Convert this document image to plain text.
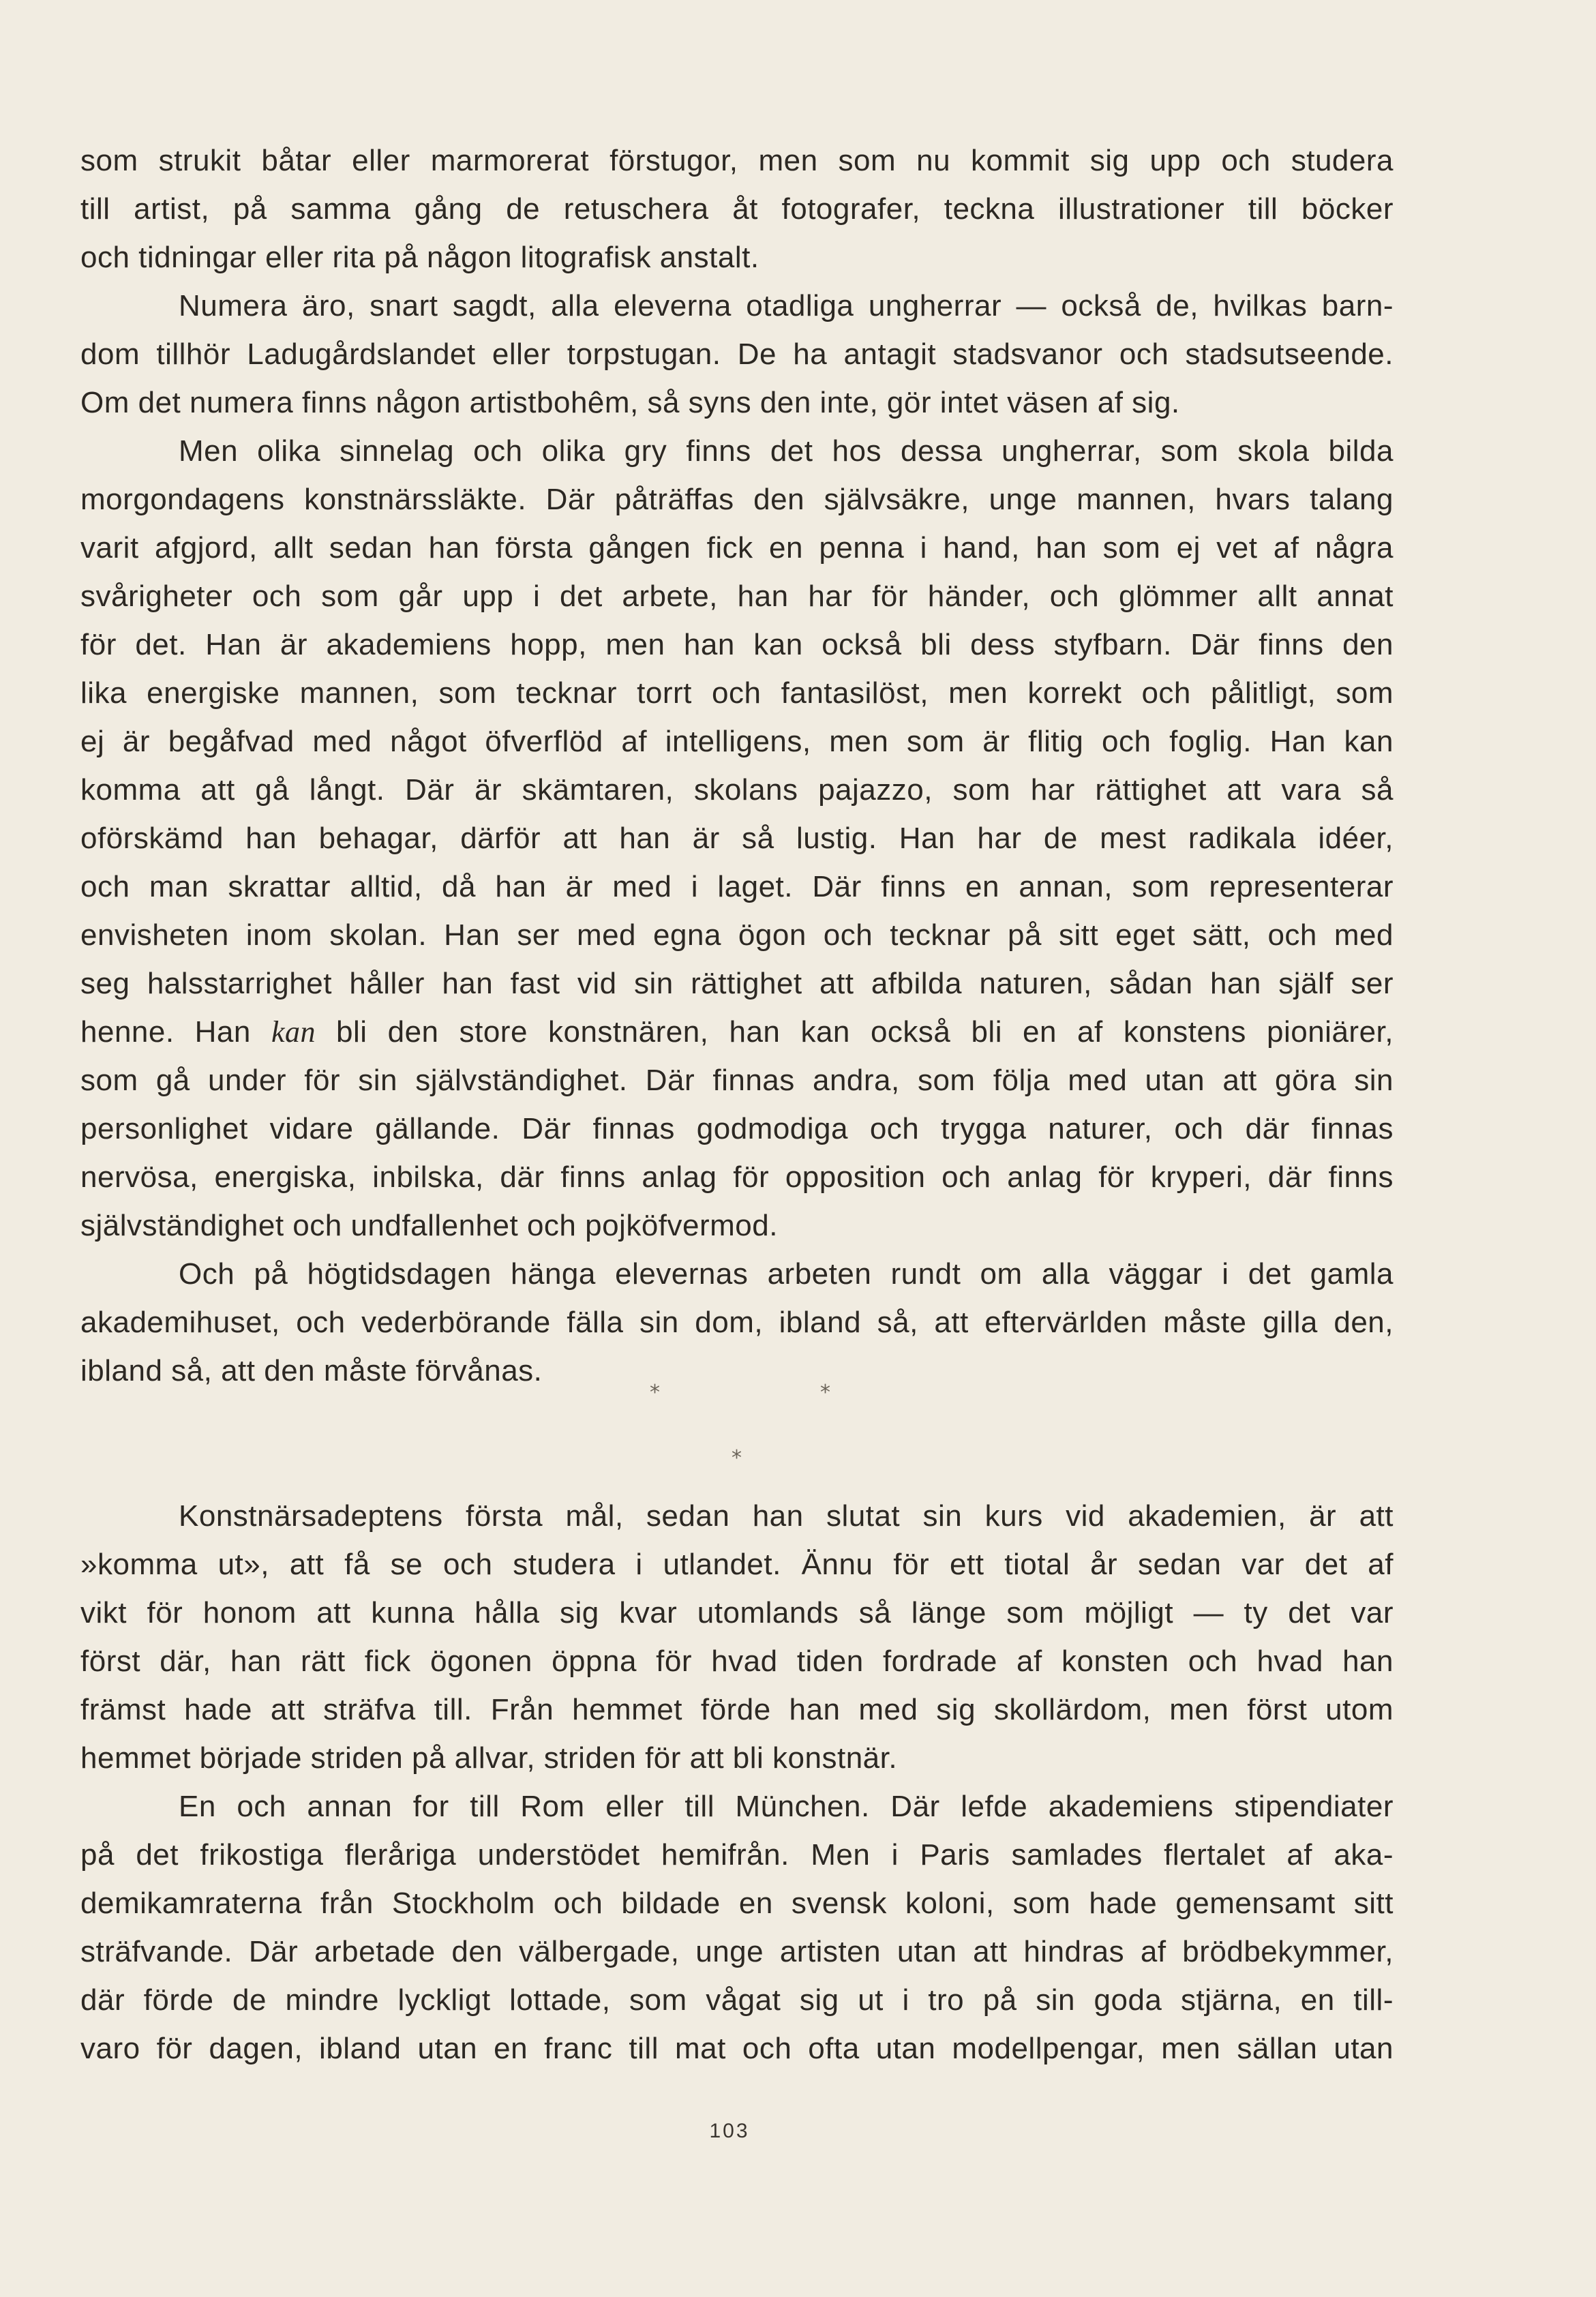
som strukit båtar eller marmorerat förstugor, men som nu kommit sig upp och studera
till artist, på samma gång de retuschera åt fotografer, teckna illustrationer till böcker
och tidningar eller rita på någon litografisk anstalt.
Numera äro, snart sagdt, alla eleverna otadliga ungherrar — också de, hvilkas barn-
dom tillhör Ladugårdslandet eller torpstugan. De ha antagit stadsvanor och stadsutseende.
Om det numera finns någon artistbohêm, så syns den inte, gör intet väsen af sig.
Men olika sinnelag och olika gry finns det hos dessa ungherrar, som skola bilda
morgondagens konstnärssläkte. Där påträffas den självsäkre, unge mannen, hvars talang
varit afgjord, allt sedan han första gången fick en penna i hand, han som ej vet af några
svårigheter och som går upp i det arbete, han har för händer, och glömmer allt annat
för det. Han är akademiens hopp, men han kan också bli dess styfbarn. Där finns den
lika energiske mannen, som tecknar torrt och fantasilöst, men korrekt och pålitligt, som
ej är begåfvad med något öfverflöd af intelligens, men som är flitig och foglig. Han kan
komma att gå långt. Där är skämtaren, skolans pajazzo, som har rättighet att vara så
oförskämd han behagar, därför att han är så lustig. Han har de mest radikala idéer,
och man skrattar alltid, då han är med i laget. Där finns en annan, som representerar
envisheten inom skolan. Han ser med egna ögon och tecknar på sitt eget sätt, och med
seg halsstarrighet håller han fast vid sin rättighet att afbilda naturen, sådan han själf ser
henne. Han kan bli den store konstnären, han kan också bli en af konstens pioniärer,
som gå under för sin självständighet. Där finnas andra, som följa med utan att göra sin
personlighet vidare gällande. Där finnas godmodiga och trygga naturer, och där finnas
nervösa, energiska, inbilska, där finns anlag för opposition och anlag för kryperi, där finns
självständighet och undfallenhet och pojköfvermod.
Och på högtidsdagen hänga elevernas arbeten rundt om alla väggar i det gamla
akademihuset, och vederbörande fälla sin dom, ibland så, att eftervärlden måste gilla den,
ibland så, att den måste förvånas.
*	*
*
Konstnärsadeptens första mål, sedan han slutat sin kurs vid akademien, är att
»komma ut», att få se och studera i utlandet. Ännu för ett tiotal år sedan var det af
vikt för honom att kunna hålla sig kvar utomlands så länge som möjligt — ty det var
först där, han rätt fick ögonen öppna för hvad tiden fordrade af konsten och hvad han
främst hade att sträfva till. Från hemmet förde han med sig skollärdom, men först utom
hemmet började striden på allvar, striden för att bli konstnär.
En och annan for till Rom eller till München. Där lefde akademiens stipendiater
på det frikostiga fleråriga understödet hemifrån. Men i Paris samlades flertalet af aka-
demikamraterna från Stockholm och bildade en svensk koloni, som hade gemensamt sitt
sträfvande. Där arbetade den välbergade, unge artisten utan att hindras af brödbekymmer,
där förde de mindre lyckligt lottade, som vågat sig ut i tro på sin goda stjärna, en till-
varo för dagen, ibland utan en franc till mat och ofta utan modellpengar, men sällan utan
103
